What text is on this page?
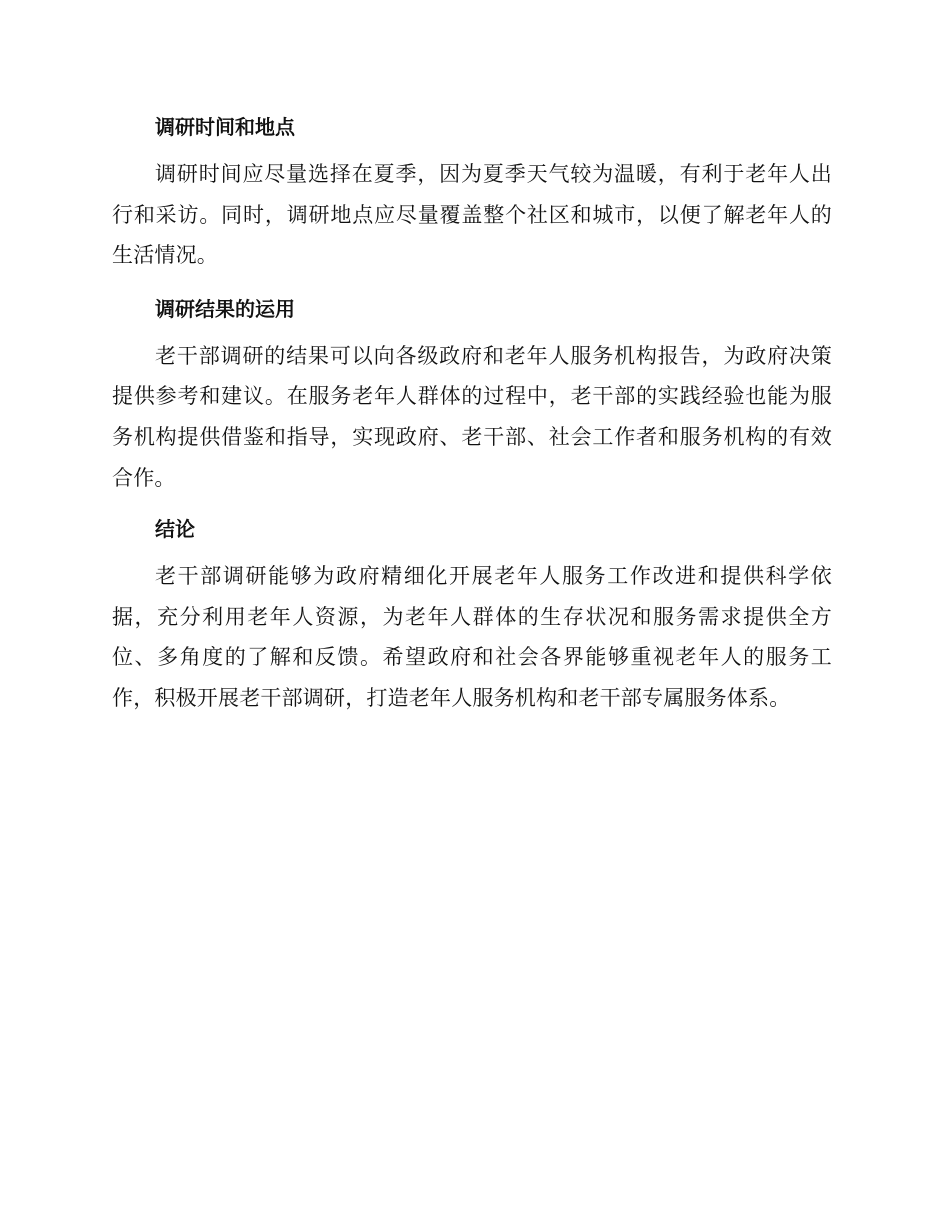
调研时间和地点

调研时间应尽量选择在夏季，因为夏季天气较为温暖，有利于老年人出行和采访。同时，调研地点应尽量覆盖整个社区和城市，以便了解老年人的生活情况。

调研结果的运用

老干部调研的结果可以向各级政府和老年人服务机构报告，为政府决策提供参考和建议。在服务老年人群体的过程中，老干部的实践经验也能为服务机构提供借鉴和指导，实现政府、老干部、社会工作者和服务机构的有效合作。

结论

老干部调研能够为政府精细化开展老年人服务工作改进和提供科学依据，充分利用老年人资源，为老年人群体的生存状况和服务需求提供全方位、多角度的了解和反馈。希望政府和社会各界能够重视老年人的服务工作，积极开展老干部调研，打造老年人服务机构和老干部专属服务体系。
